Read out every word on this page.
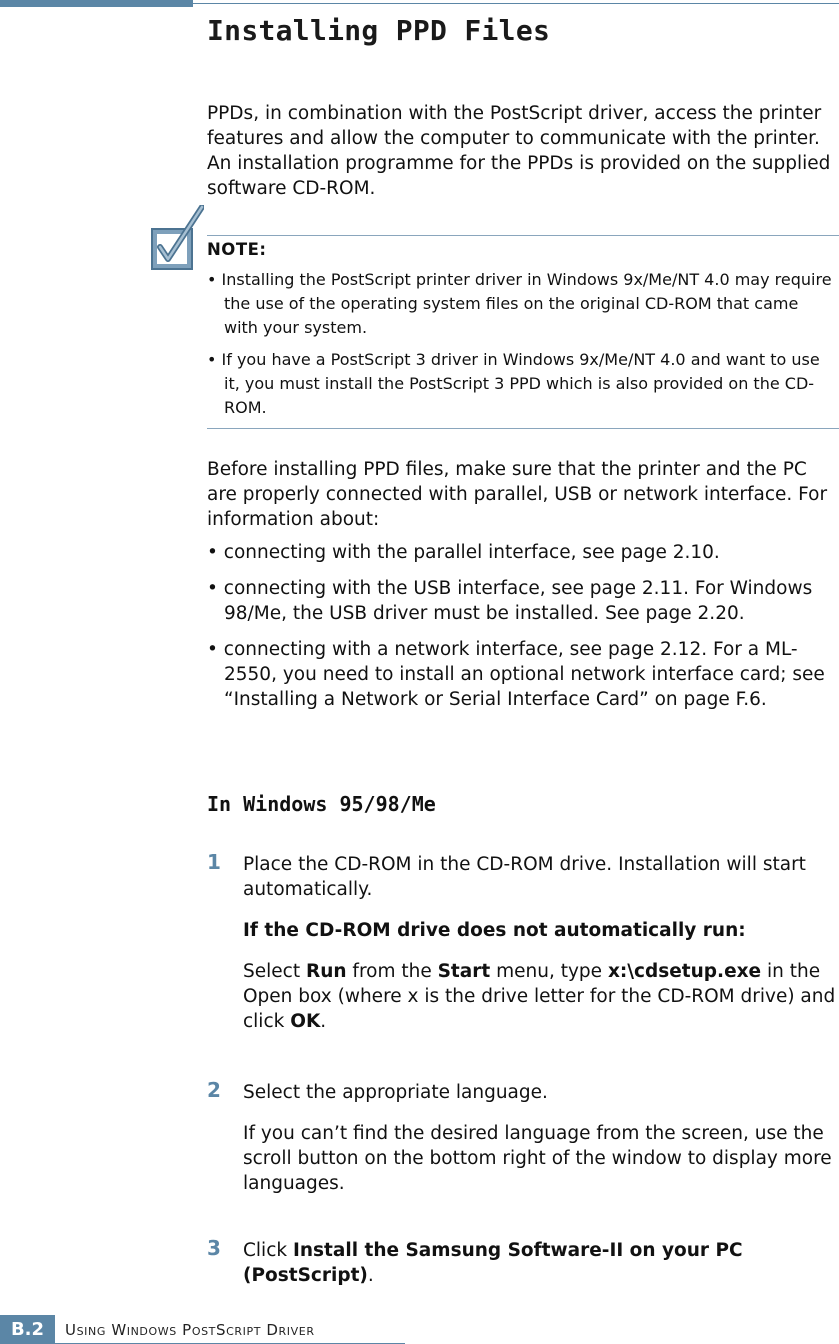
Installing PPD Files

PPDs, in combination with the PostScript driver, access the printer features and allow the computer to communicate with the printer. An installation programme for the PPDs is provided on the supplied software CD-ROM.

NOTE:
• Installing the PostScript printer driver in Windows 9x/Me/NT 4.0 may require the use of the operating system files on the original CD-ROM that came with your system.
• If you have a PostScript 3 driver in Windows 9x/Me/NT 4.0 and want to use it, you must install the PostScript 3 PPD which is also provided on the CD-ROM.

Before installing PPD files, make sure that the printer and the PC are properly connected with parallel, USB or network interface. For information about:

• connecting with the parallel interface, see page 2.10.
• connecting with the USB interface, see page 2.11. For Windows 98/Me, the USB driver must be installed. See page 2.20.
• connecting with a network interface, see page 2.12. For a ML-2550, you need to install an optional network interface card; see “Installing a Network or Serial Interface Card” on page F.6.
In Windows 95/98/Me
1 Place the CD-ROM in the CD-ROM drive. Installation will start automatically.

If the CD-ROM drive does not automatically run:

Select Run from the Start menu, type x:\cdsetup.exe in the Open box (where x is the drive letter for the CD-ROM drive) and click OK.

2 Select the appropriate language.

If you can’t find the desired language from the screen, use the scroll button on the bottom right of the window to display more languages.

3 Click Install the Samsung Software-II on your PC (PostScript).

B.2	Using Windows PostScript Driver
